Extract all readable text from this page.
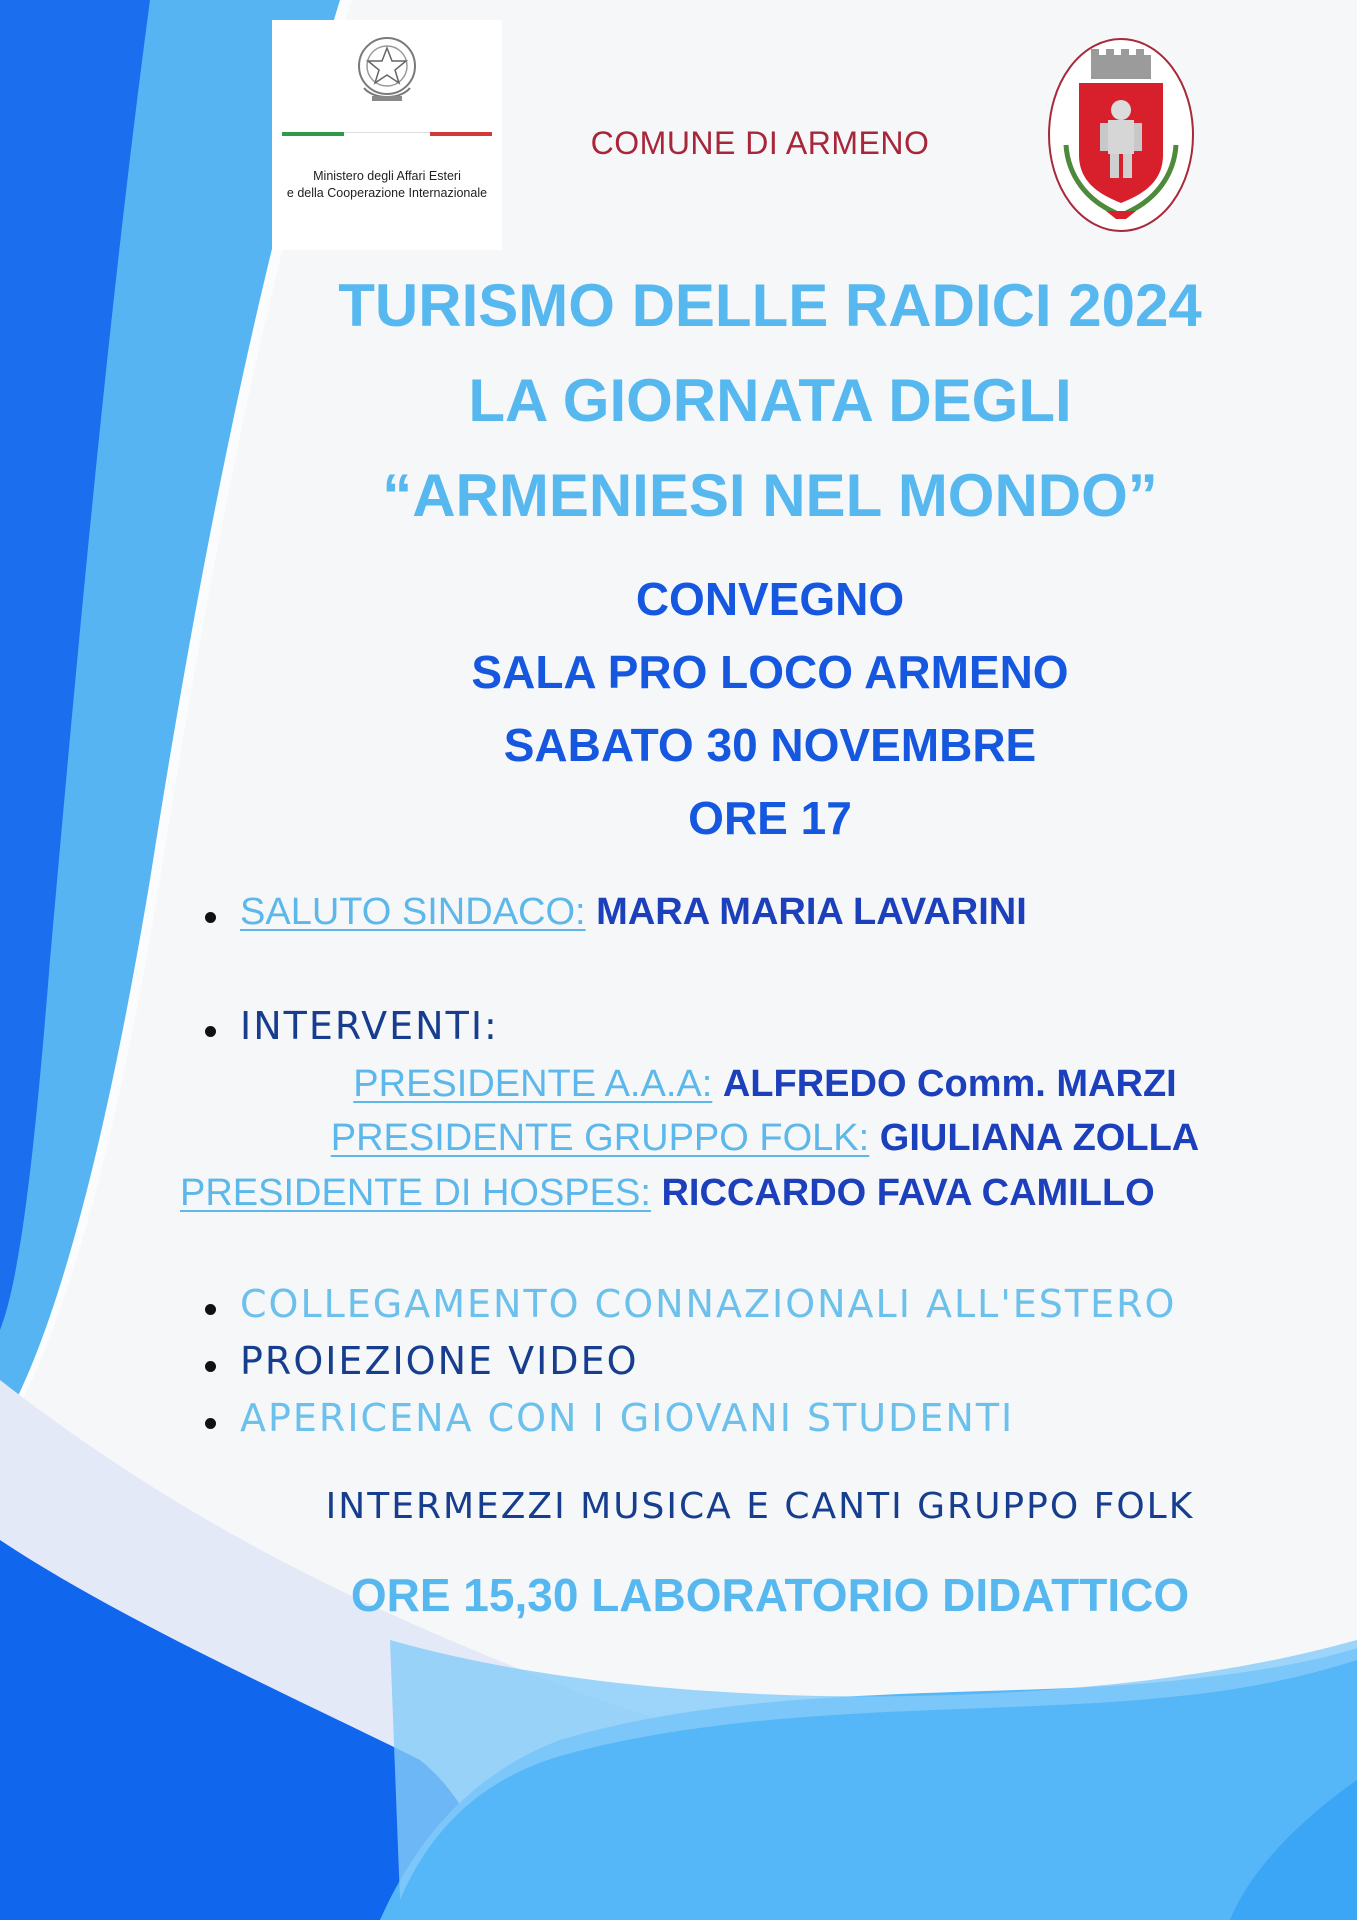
Ministero degli Affari Esteri
e della Cooperazione Internazionale
COMUNE DI ARMENO
TURISMO DELLE RADICI 2024
LA GIORNATA DEGLI
“ARMENIESI NEL MONDO”
CONVEGNO
SALA PRO LOCO ARMENO
SABATO 30 NOVEMBRE
ORE 17
SALUTO SINDACO: MARA MARIA LAVARINI
INTERVENTI:
PRESIDENTE A.A.A: ALFREDO Comm. MARZI
PRESIDENTE GRUPPO FOLK: GIULIANA ZOLLA
PRESIDENTE DI HOSPES: RICCARDO FAVA CAMILLO
COLLEGAMENTO CONNAZIONALI ALL'ESTERO
PROIEZIONE VIDEO
APERICENA CON I GIOVANI STUDENTI
INTERMEZZI MUSICA E CANTI GRUPPO FOLK
ORE 15,30 LABORATORIO DIDATTICO
